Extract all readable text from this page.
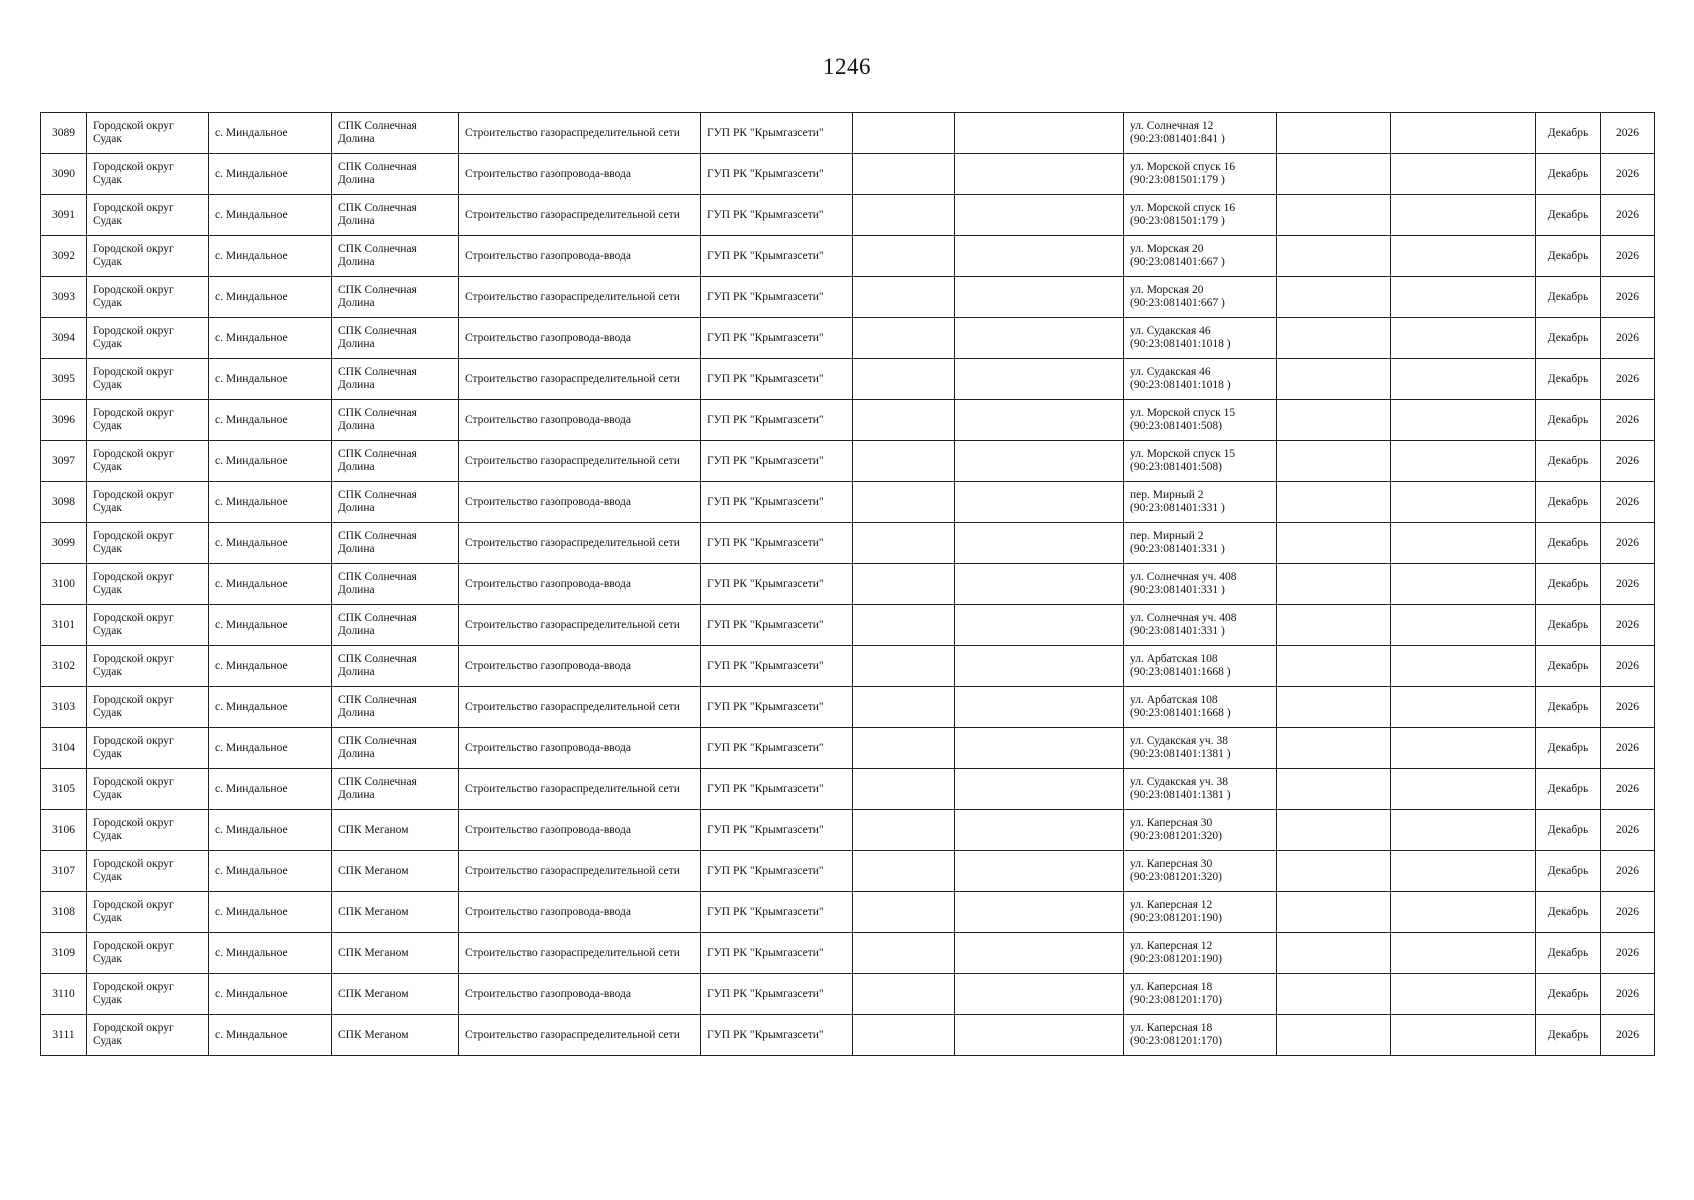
1246
3089	Городской округ Судак	с. Миндальное	СПК Солнечная Долина	Строительство газораспределительной сети	ГУП РК "Крымгазсети"			ул. Солнечная 12
(90:23:081401:841 )			Декабрь	2026
3090	Городской округ Судак	с. Миндальное	СПК Солнечная Долина	Строительство газопровода-ввода	ГУП РК "Крымгазсети"			ул. Морской спуск 16
(90:23:081501:179 )			Декабрь	2026
3091	Городской округ Судак	с. Миндальное	СПК Солнечная Долина	Строительство газораспределительной сети	ГУП РК "Крымгазсети"			ул. Морской спуск 16
(90:23:081501:179 )			Декабрь	2026
3092	Городской округ Судак	с. Миндальное	СПК Солнечная Долина	Строительство газопровода-ввода	ГУП РК "Крымгазсети"			ул. Морская 20
(90:23:081401:667 )			Декабрь	2026
3093	Городской округ Судак	с. Миндальное	СПК Солнечная Долина	Строительство газораспределительной сети	ГУП РК "Крымгазсети"			ул. Морская 20
(90:23:081401:667 )			Декабрь	2026
3094	Городской округ Судак	с. Миндальное	СПК Солнечная Долина	Строительство газопровода-ввода	ГУП РК "Крымгазсети"			ул. Судакская 46
(90:23:081401:1018 )			Декабрь	2026
3095	Городской округ Судак	с. Миндальное	СПК Солнечная Долина	Строительство газораспределительной сети	ГУП РК "Крымгазсети"			ул. Судакская 46
(90:23:081401:1018 )			Декабрь	2026
3096	Городской округ Судак	с. Миндальное	СПК Солнечная Долина	Строительство газопровода-ввода	ГУП РК "Крымгазсети"			ул. Морской спуск 15
(90:23:081401:508)			Декабрь	2026
3097	Городской округ Судак	с. Миндальное	СПК Солнечная Долина	Строительство газораспределительной сети	ГУП РК "Крымгазсети"			ул. Морской спуск 15
(90:23:081401:508)			Декабрь	2026
3098	Городской округ Судак	с. Миндальное	СПК Солнечная Долина	Строительство газопровода-ввода	ГУП РК "Крымгазсети"			пер. Мирный 2
(90:23:081401:331 )			Декабрь	2026
3099	Городской округ Судак	с. Миндальное	СПК Солнечная Долина	Строительство газораспределительной сети	ГУП РК "Крымгазсети"			пер. Мирный 2
(90:23:081401:331 )			Декабрь	2026
3100	Городской округ Судак	с. Миндальное	СПК Солнечная Долина	Строительство газопровода-ввода	ГУП РК "Крымгазсети"			ул. Солнечная уч. 408
(90:23:081401:331 )			Декабрь	2026
3101	Городской округ Судак	с. Миндальное	СПК Солнечная Долина	Строительство газораспределительной сети	ГУП РК "Крымгазсети"			ул. Солнечная уч. 408
(90:23:081401:331 )			Декабрь	2026
3102	Городской округ Судак	с. Миндальное	СПК Солнечная Долина	Строительство газопровода-ввода	ГУП РК "Крымгазсети"			ул. Арбатская 108
(90:23:081401:1668 )			Декабрь	2026
3103	Городской округ Судак	с. Миндальное	СПК Солнечная Долина	Строительство газораспределительной сети	ГУП РК "Крымгазсети"			ул. Арбатская 108
(90:23:081401:1668 )			Декабрь	2026
3104	Городской округ Судак	с. Миндальное	СПК Солнечная Долина	Строительство газопровода-ввода	ГУП РК "Крымгазсети"			ул. Судакская уч. 38
(90:23:081401:1381 )			Декабрь	2026
3105	Городской округ Судак	с. Миндальное	СПК Солнечная Долина	Строительство газораспределительной сети	ГУП РК "Крымгазсети"			ул. Судакская уч. 38
(90:23:081401:1381 )			Декабрь	2026
3106	Городской округ Судак	с. Миндальное	СПК Меганом	Строительство газопровода-ввода	ГУП РК "Крымгазсети"			ул. Каперсная 30
(90:23:081201:320)			Декабрь	2026
3107	Городской округ Судак	с. Миндальное	СПК Меганом	Строительство газораспределительной сети	ГУП РК "Крымгазсети"			ул. Каперсная 30
(90:23:081201:320)			Декабрь	2026
3108	Городской округ Судак	с. Миндальное	СПК Меганом	Строительство газопровода-ввода	ГУП РК "Крымгазсети"			ул. Каперсная 12
(90:23:081201:190)			Декабрь	2026
3109	Городской округ Судак	с. Миндальное	СПК Меганом	Строительство газораспределительной сети	ГУП РК "Крымгазсети"			ул. Каперсная 12
(90:23:081201:190)			Декабрь	2026
3110	Городской округ Судак	с. Миндальное	СПК Меганом	Строительство газопровода-ввода	ГУП РК "Крымгазсети"			ул. Каперсная 18
(90:23:081201:170)			Декабрь	2026
3111	Городской округ Судак	с. Миндальное	СПК Меганом	Строительство газораспределительной сети	ГУП РК "Крымгазсети"			ул. Каперсная 18
(90:23:081201:170)			Декабрь	2026
